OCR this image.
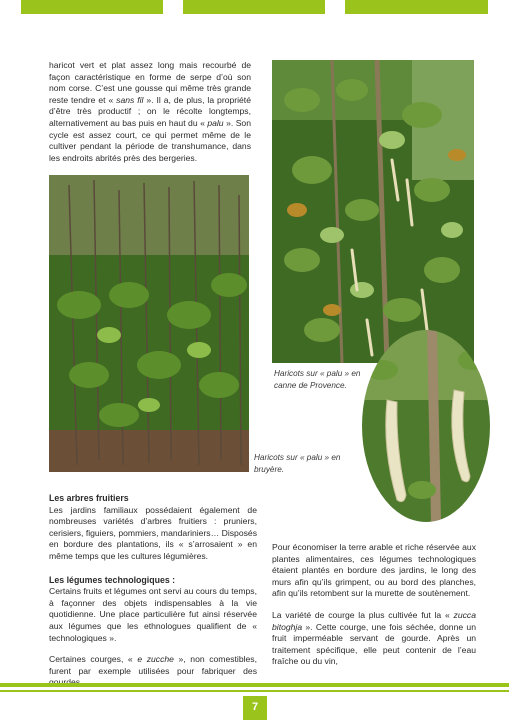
haricot vert et plat assez long mais recourbé de façon caractéristique en forme de serpe d’où son nom corse. C’est une gousse qui même très grande reste tendre et « sans fil ». Il a, de plus, la propriété d’être très productif ; on le récolte longtemps, alternativement au bas puis en haut du « palu ». Son cycle est assez court, ce qui permet même de le cultiver pendant la période de transhumance, dans les endroits abrités près des bergeries.

Haricots sur « palu » en canne de Provence.
Haricots sur « palu » en bruyère.

Les arbres fruitiers

Les jardins familiaux possédaient également de nombreuses variétés d’arbres fruitiers : pruniers, cerisiers, figuiers, pommiers, mandariniers… Disposés en bordure des plantations, ils « s’arrosaient » en même temps que les cultures légumières.

Les légumes technologiques :

Certains fruits et légumes ont servi au cours du temps, à façonner des objets indispensables à la vie quotidienne. Une place particulière fut ainsi réservée aux légumes que les ethnologues qualifient de « technologiques ».

Certaines courges, « e zucche », non comestibles, furent par exemple utilisées pour fabriquer des

Pour économiser la terre arable et riche réservée aux plantes alimentaires, ces légumes technologiques étaient plantés en bordure des jardins, le long des murs afin qu’ils grimpent, ou au bord des planches, afin qu’ils retombent sur la murette de soutènement.

La variété de courge la plus cultivée fut la « zucca bitoghja ». Cette courge, une fois séchée, donne un fruit imperméable servant de gourde. Après un traitement spécifique, elle peut contenir de l’eau fraîche ou du vin,

7
